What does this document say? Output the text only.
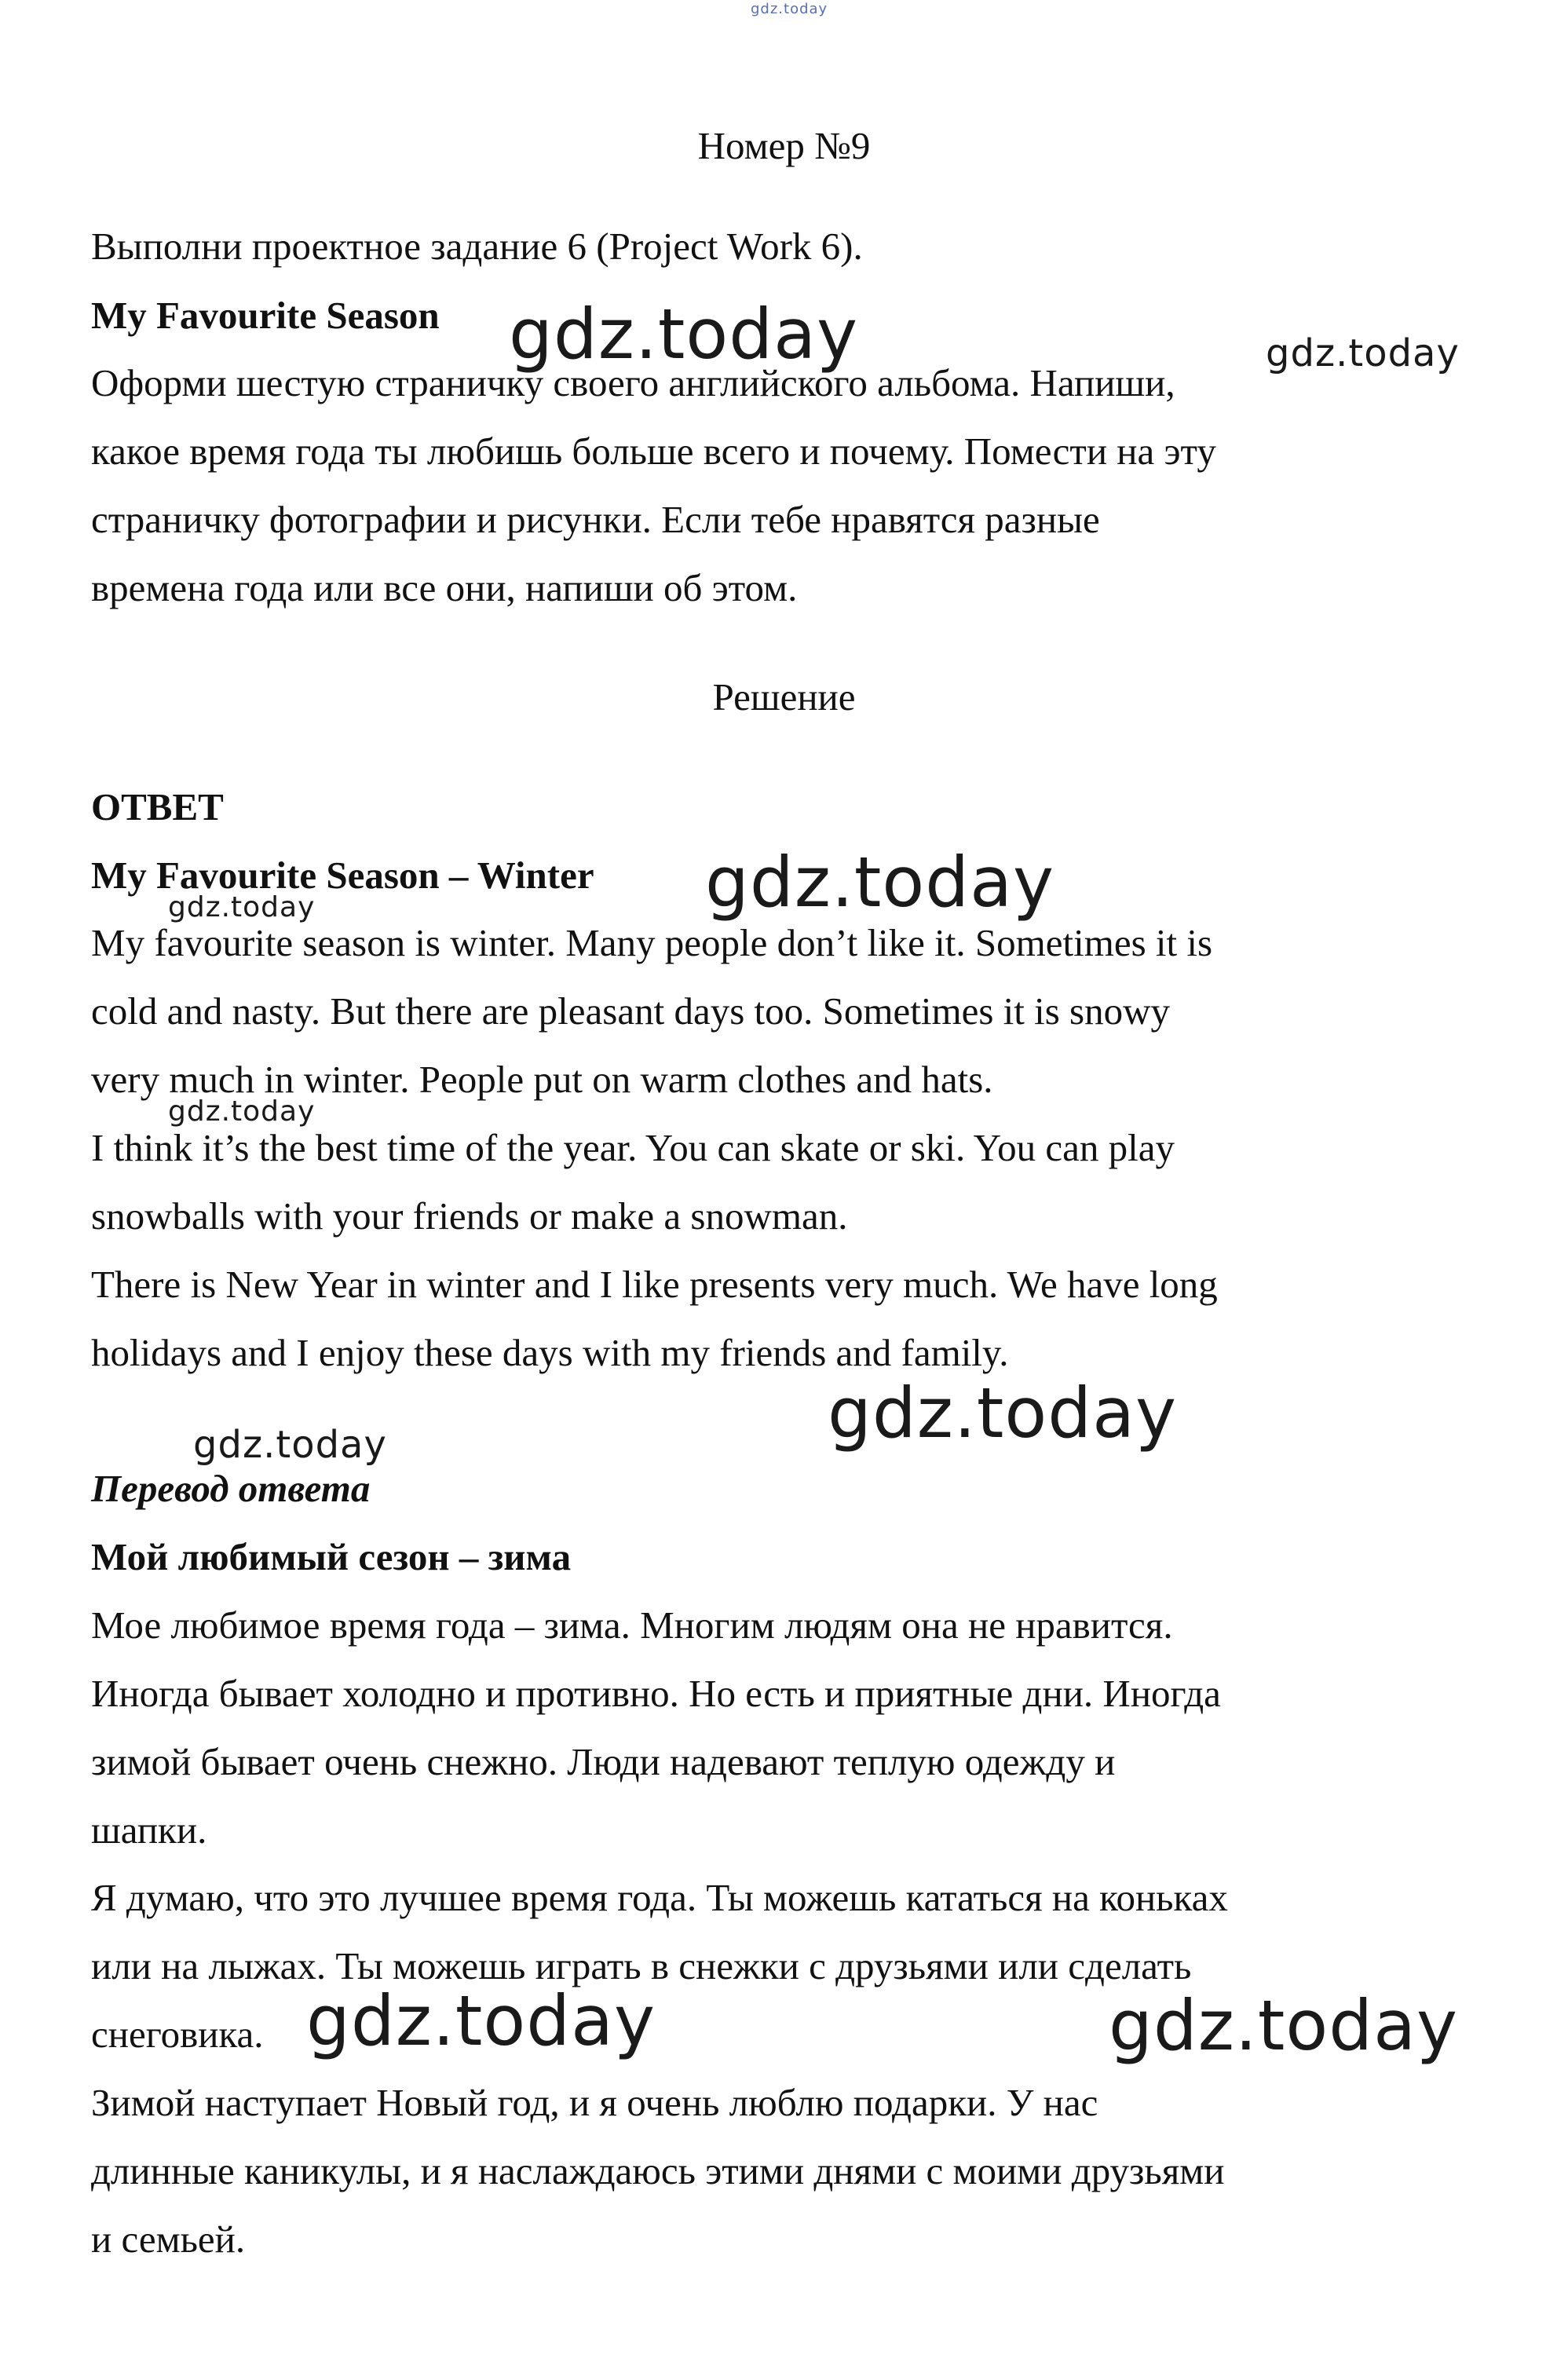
gdz.today
Номер №9
Выполни проектное задание 6 (Project Work 6).
My Favourite Season
Оформи шестую страничку своего английского альбома. Напиши,
какое время года ты любишь больше всего и почему. Помести на эту
страничку фотографии и рисунки. Если тебе нравятся разные
времена года или все они, напиши об этом.
Решение
ОТВЕТ
My Favourite Season – Winter
My favourite season is winter. Many people don’t like it. Sometimes it is
cold and nasty. But there are pleasant days too. Sometimes it is snowy
very much in winter. People put on warm clothes and hats.
I think it’s the best time of the year. You can skate or ski. You can play
snowballs with your friends or make a snowman.
There is New Year in winter and I like presents very much. We have long
holidays and I enjoy these days with my friends and family.
Перевод ответа
Мой любимый сезон – зима
Мое любимое время года – зима. Многим людям она не нравится.
Иногда бывает холодно и противно. Но есть и приятные дни. Иногда
зимой бывает очень снежно. Люди надевают теплую одежду и
шапки.
Я думаю, что это лучшее время года. Ты можешь кататься на коньках
или на лыжах. Ты можешь играть в снежки с друзьями или сделать
снеговика.
Зимой наступает Новый год, и я очень люблю подарки. У нас
длинные каникулы, и я наслаждаюсь этими днями с моими друзьями
и семьей.
gdz.today	gdz.today
gdz.today
gdz.today
gdz.today
gdz.today	gdz.today
gdz.today	gdz.today
